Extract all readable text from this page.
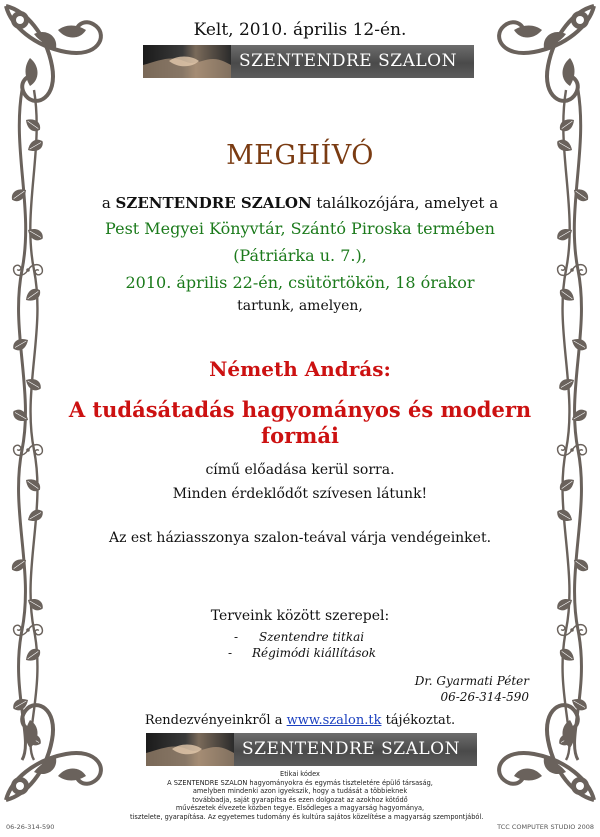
Kelt, 2010. április 12-én.
SZENTENDRE SZALON
MEGHÍVÓ
a SZENTENDRE SZALON találkozójára, amelyet a
Pest Megyei Könyvtár, Szántó Piroska termében
(Pátriárka u. 7.),
2010. április 22-én, csütörtökön, 18 órakor
tartunk, amelyen,
Németh András:
A tudásátadás hagyományos és modern
formái
című előadása kerül sorra.
Minden érdeklődőt szívesen látunk!
Az est háziasszonya szalon-teával várja vendégeinket.
Terveink között szerepel:
- Szentendre titkai
- Régimódi kiállítások
Dr. Gyarmati Péter
06-26-314-590
Rendezvényeinkről a www.szalon.tk tájékoztat.
SZENTENDRE SZALON
Etikai kódex
A SZENTENDRE SZALON hagyományokra és egymás tiszteletére épülő társaság,
amelyben mindenki azon igyekszik, hogy a tudását a többieknek
továbbadja, saját gyarapítsa és ezen dolgozat az azokhoz kötődő
művészetek élvezete közben tegye. Elsődleges a magyarság hagyománya,
tisztelete, gyarapítása. Az egyetemes tudomány és kultúra sajátos közelítése a magyarság szempontjából.
06-26-314-590	TCC COMPUTER STUDIO 2008
